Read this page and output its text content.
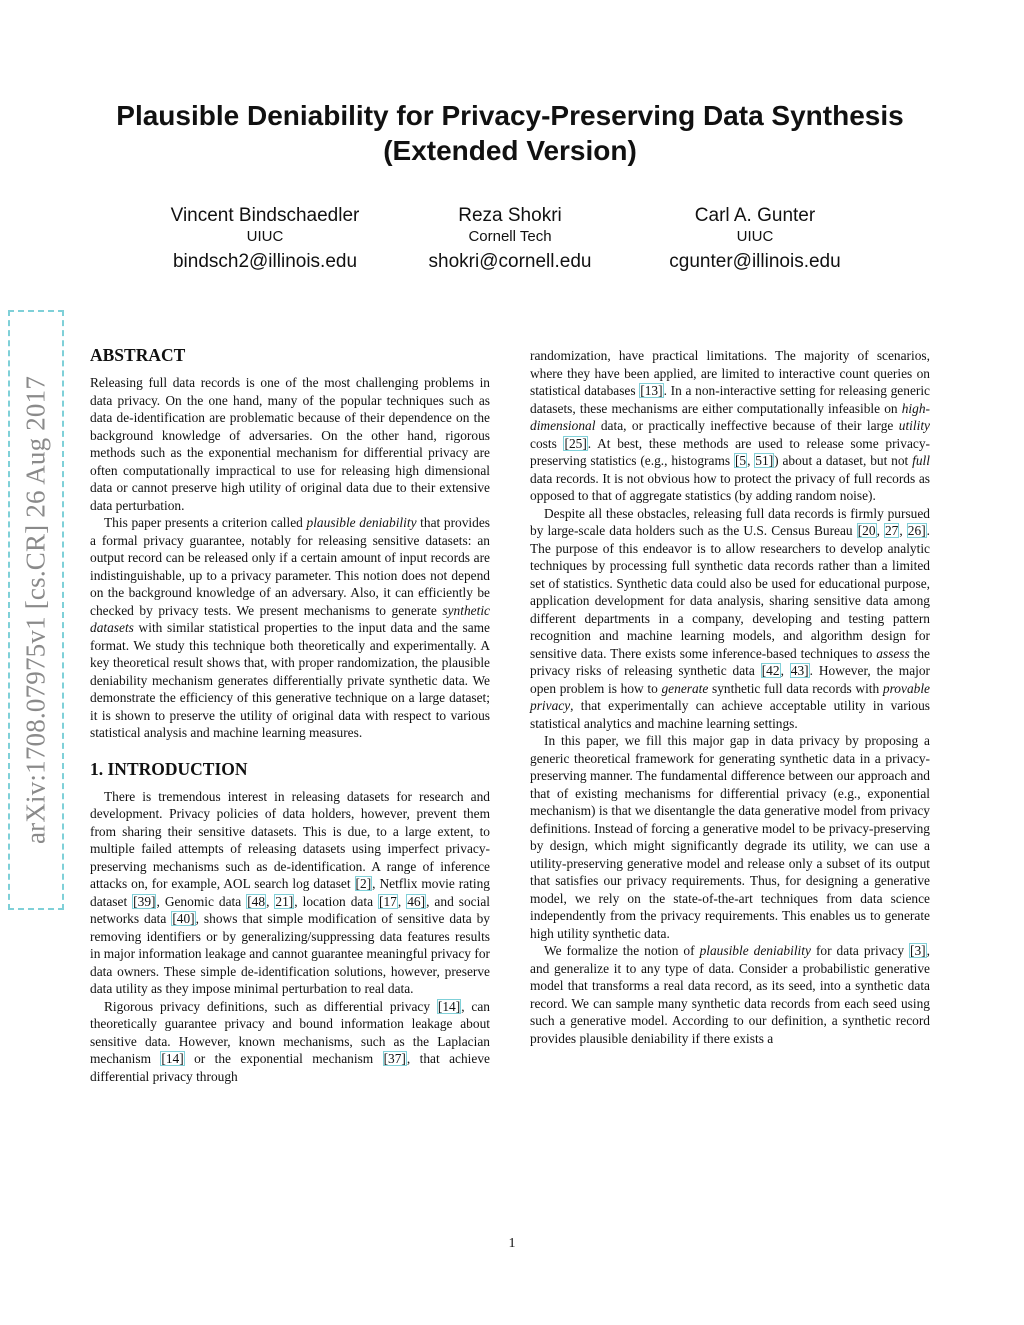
arXiv:1708.07975v1 [cs.CR] 26 Aug 2017
Plausible Deniability for Privacy-Preserving Data Synthesis (Extended Version)
Vincent Bindschaedler
UIUC
bindsch2@illinois.edu
Reza Shokri
Cornell Tech
shokri@cornell.edu
Carl A. Gunter
UIUC
cgunter@illinois.edu
ABSTRACT

Releasing full data records is one of the most challenging problems in data privacy. On the one hand, many of the popular techniques such as data de-identification are problematic because of their dependence on the background knowledge of adversaries. On the other hand, rigorous methods such as the exponential mechanism for differential privacy are often computationally impractical to use for releasing high dimensional data or cannot preserve high utility of original data due to their extensive data perturbation.

This paper presents a criterion called plausible deniability that provides a formal privacy guarantee, notably for releasing sensitive datasets: an output record can be released only if a certain amount of input records are indistinguishable, up to a privacy parameter. This notion does not depend on the background knowledge of an adversary. Also, it can efficiently be checked by privacy tests. We present mechanisms to generate synthetic datasets with similar statistical properties to the input data and the same format. We study this technique both theoretically and experimentally. A key theoretical result shows that, with proper randomization, the plausible deniability mechanism generates differentially private synthetic data. We demonstrate the efficiency of this generative technique on a large dataset; it is shown to preserve the utility of original data with respect to various statistical analysis and machine learning measures.

1. INTRODUCTION

There is tremendous interest in releasing datasets for research and development. Privacy policies of data holders, however, prevent them from sharing their sensitive datasets. This is due, to a large extent, to multiple failed attempts of releasing datasets using imperfect privacy-preserving mechanisms such as de-identification. A range of inference attacks on, for example, AOL search log dataset [2], Netflix movie rating dataset [39], Genomic data [48, 21], location data [17, 46], and social networks data [40], shows that simple modification of sensitive data by removing identifiers or by generalizing/suppressing data features results in major information leakage and cannot guarantee meaningful privacy for data owners. These simple de-identification solutions, however, preserve data utility as they impose minimal perturbation to real data.

Rigorous privacy definitions, such as differential privacy [14], can theoretically guarantee privacy and bound information leakage about sensitive data. However, known mechanisms, such as the Laplacian mechanism [14] or the exponential mechanism [37], that achieve differential privacy through

randomization, have practical limitations. The majority of scenarios, where they have been applied, are limited to interactive count queries on statistical databases [13]. In a non-interactive setting for releasing generic datasets, these mechanisms are either computationally infeasible on high-dimensional data, or practically ineffective because of their large utility costs [25]. At best, these methods are used to release some privacy-preserving statistics (e.g., histograms [5, 51]) about a dataset, but not full data records. It is not obvious how to protect the privacy of full records as opposed to that of aggregate statistics (by adding random noise).

Despite all these obstacles, releasing full data records is firmly pursued by large-scale data holders such as the U.S. Census Bureau [20, 27, 26]. The purpose of this endeavor is to allow researchers to develop analytic techniques by processing full synthetic data records rather than a limited set of statistics. Synthetic data could also be used for educational purpose, application development for data analysis, sharing sensitive data among different departments in a company, developing and testing pattern recognition and machine learning models, and algorithm design for sensitive data. There exists some inference-based techniques to assess the privacy risks of releasing synthetic data [42, 43]. However, the major open problem is how to generate synthetic full data records with provable privacy, that experimentally can achieve acceptable utility in various statistical analytics and machine learning settings.

In this paper, we fill this major gap in data privacy by proposing a generic theoretical framework for generating synthetic data in a privacy-preserving manner. The fundamental difference between our approach and that of existing mechanisms for differential privacy (e.g., exponential mechanism) is that we disentangle the data generative model from privacy definitions. Instead of forcing a generative model to be privacy-preserving by design, which might significantly degrade its utility, we can use a utility-preserving generative model and release only a subset of its output that satisfies our privacy requirements. Thus, for designing a generative model, we rely on the state-of-the-art techniques from data science independently from the privacy requirements. This enables us to generate high utility synthetic data.

We formalize the notion of plausible deniability for data privacy [3], and generalize it to any type of data. Consider a probabilistic generative model that transforms a real data record, as its seed, into a synthetic data record. We can sample many synthetic data records from each seed using such a generative model. According to our definition, a synthetic record provides plausible deniability if there exists a

1
